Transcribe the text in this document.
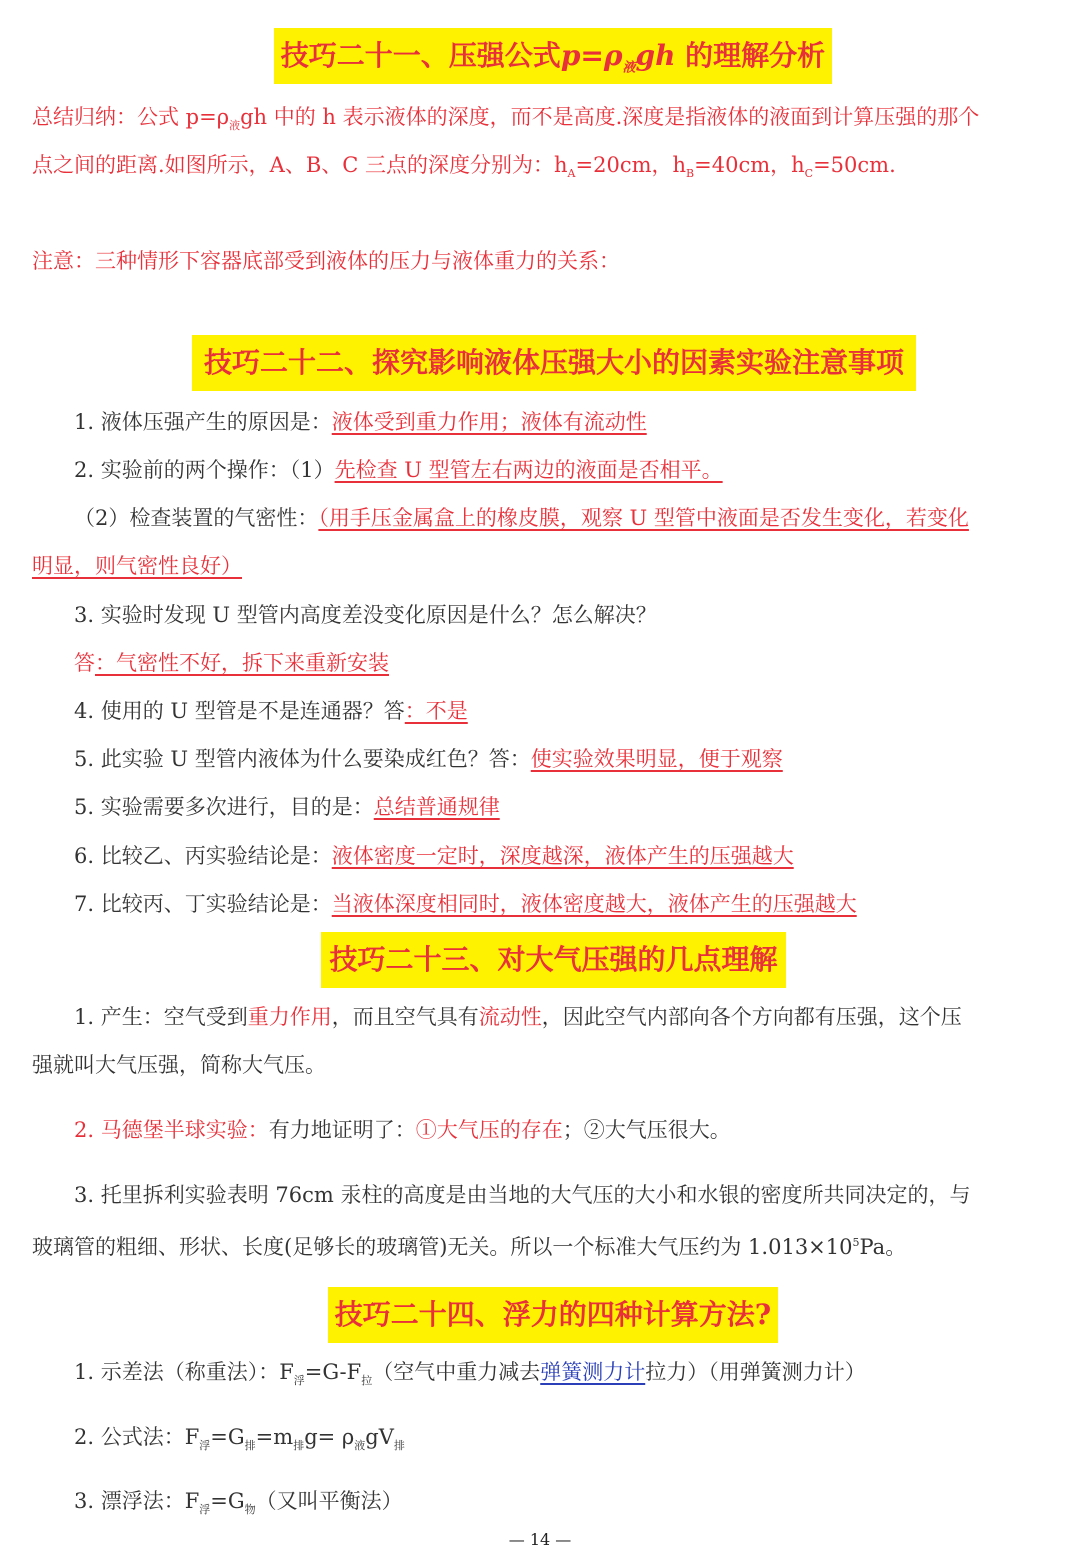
技巧二十一、压强公式$p=\rho_液gh$ 的理解分析
总结归纳：公式 $p=\rho_液gh$ 中的 h 表示液体的深度，而不是高度.深度是指液体的液面到计算压强的那个
点之间的距离.如图所示，A、B、C 三点的深度分别为：$h_A=20cm$，$h_B=40cm$，$h_C=50cm$.
注意：三种情形下容器底部受到液体的压力与液体重力的关系：
技巧二十二、探究影响液体压强大小的因素实验注意事项
1. 液体压强产生的原因是：液体受到重力作用；液体有流动性
2. 实验前的两个操作：（1）先检查 U 型管左右两边的液面是否相平。
（2）检查装置的气密性：（用手压金属盒上的橡皮膜，观察 U 型管中液面是否发生变化，若变化
明显，则气密性良好）
3. 实验时发现 U 型管内高度差没变化原因是什么？怎么解决？
答：气密性不好，拆下来重新安装
4. 使用的 U 型管是不是连通器？答：不是
5. 此实验 U 型管内液体为什么要染成红色？答：使实验效果明显，便于观察
5. 实验需要多次进行，目的是：总结普通规律
6. 比较乙、丙实验结论是：液体密度一定时，深度越深，液体产生的压强越大
7. 比较丙、丁实验结论是：当液体深度相同时，液体密度越大，液体产生的压强越大
技巧二十三、对大气压强的几点理解
1. 产生：空气受到重力作用，而且空气具有流动性，因此空气内部向各个方向都有压强，这个压
强就叫大气压强，简称大气压。
2. 马德堡半球实验：有力地证明了：①大气压的存在；②大气压很大。
3. 托里拆利实验表明 76cm 汞柱的高度是由当地的大气压的大小和水银的密度所共同决定的，与
玻璃管的粗细、形状、长度(足够长的玻璃管)无关。所以一个标准大气压约为 $1.013\times 10^5Pa$。
技巧二十四、浮力的四种计算方法?
1. 示差法（称重法）：$F_浮=G-F_拉$（空气中重力减去弹簧测力计拉力）（用弹簧测力计）
2. 公式法：$F_浮=G_排=m_排g= \rho_液gV_排$
3. 漂浮法：$F_浮=G_物$（又叫平衡法）
— 14 —
